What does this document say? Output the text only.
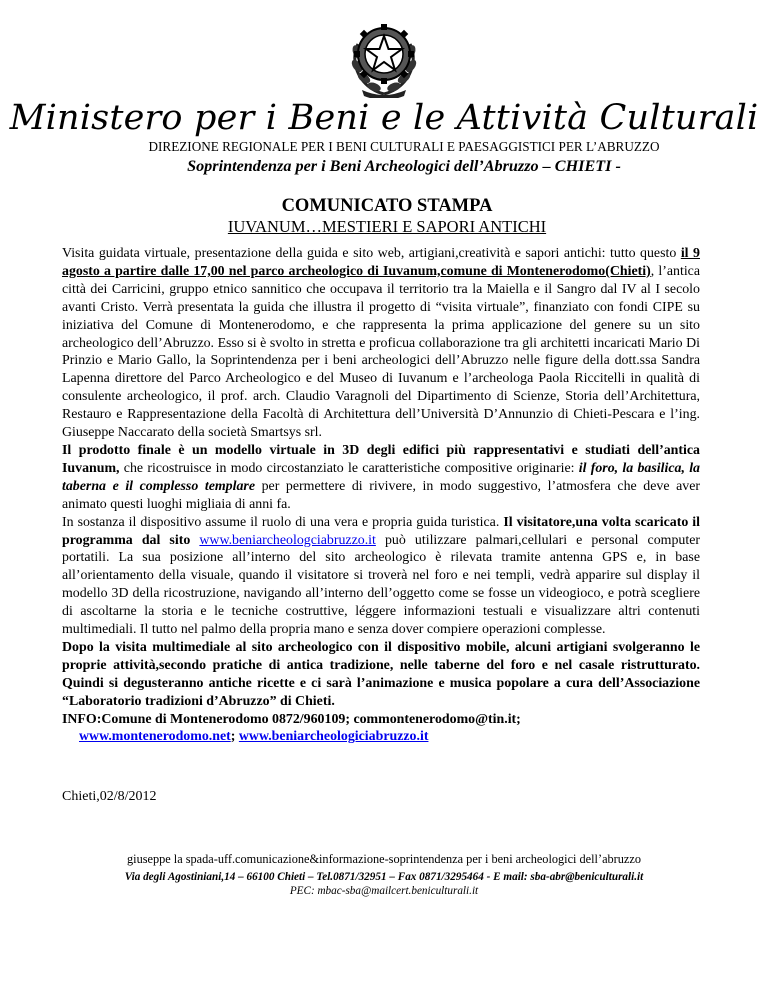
Ministero per i Beni e le Attività Culturali
DIREZIONE REGIONALE PER I BENI CULTURALI E PAESAGGISTICI PER L’ABRUZZO
Soprintendenza per i Beni Archeologici dell’Abruzzo – CHIETI -
COMUNICATO STAMPA
IUVANUM…MESTIERI E SAPORI ANTICHI

Visita guidata virtuale, presentazione della guida e sito web, artigiani,creatività e sapori antichi: tutto questo il 9 agosto a partire dalle 17,00 nel parco archeologico di Iuvanum,comune di Montenerodomo(Chieti), l’antica città dei Carricini, gruppo etnico sannitico che occupava il territorio tra la Maiella e il Sangro dal IV al I secolo avanti Cristo. Verrà presentata la guida che illustra il progetto di “visita virtuale”, finanziato con fondi CIPE su iniziativa del Comune di Montenerodomo, e che rappresenta la prima applicazione del genere su un sito archeologico dell’Abruzzo. Esso si è svolto in stretta e proficua collaborazione tra gli architetti incaricati Mario Di Prinzio e Mario Gallo, la Soprintendenza per i beni archeologici dell’Abruzzo nelle figure della dott.ssa Sandra Lapenna direttore del Parco Archeologico e del Museo di Iuvanum e l’archeologa Paola Riccitelli in qualità di consulente archeologico, il prof. arch. Claudio Varagnoli del Dipartimento di Scienze, Storia dell’Architettura, Restauro e Rappresentazione della Facoltà di Architettura dell’Università D’Annunzio di Chieti-Pescara e l’ing. Giuseppe Naccarato della società Smartsys srl.

Il prodotto finale è un modello virtuale in 3D degli edifici più rappresentativi e studiati dell’antica Iuvanum, che ricostruisce in modo circostanziato le caratteristiche compositive originarie: il foro, la basilica, la taberna e il complesso templare per permettere di rivivere, in modo suggestivo, l’atmosfera che deve aver animato questi luoghi migliaia di anni fa.

In sostanza il dispositivo assume il ruolo di una vera e propria guida turistica. Il visitatore,una volta scaricato il programma dal sito www.beniarcheologciabruzzo.it può utilizzare palmari,cellulari e personal computer portatili. La sua posizione all’interno del sito archeologico è rilevata tramite antenna GPS e, in base all’orientamento della visuale, quando il visitatore si troverà nel foro e nei templi, vedrà apparire sul display il modello 3D della ricostruzione, navigando all’interno dell’oggetto come se fosse un videogioco, e potrà scegliere di ascoltarne la storia e le tecniche costruttive, léggere informazioni testuali e visualizzare altri contenuti multimediali. Il tutto nel palmo della propria mano e senza dover compiere operazioni complesse.

Dopo la visita multimediale al sito archeologico con il dispositivo mobile, alcuni artigiani svolgeranno le proprie attività,secondo pratiche di antica tradizione, nelle taberne del foro e nel casale ristrutturato. Quindi si degusteranno antiche ricette e ci sarà l’animazione e musica popolare a cura dell’Associazione “Laboratorio tradizioni d’Abruzzo” di Chieti.

INFO:Comune di Montenerodomo 0872/960109; commontenerodomo@tin.it;

www.montenerodomo.net; www.beniarcheologiciabruzzo.it

Chieti,02/8/2012
giuseppe la spada-uff.comunicazione&informazione-soprintendenza per i beni archeologici dell’abruzzo
Via degli Agostiniani,14 – 66100 Chieti – Tel.0871/32951 – Fax 0871/3295464 - E mail: sba-abr@beniculturali.it
PEC: mbac-sba@mailcert.beniculturali.it
